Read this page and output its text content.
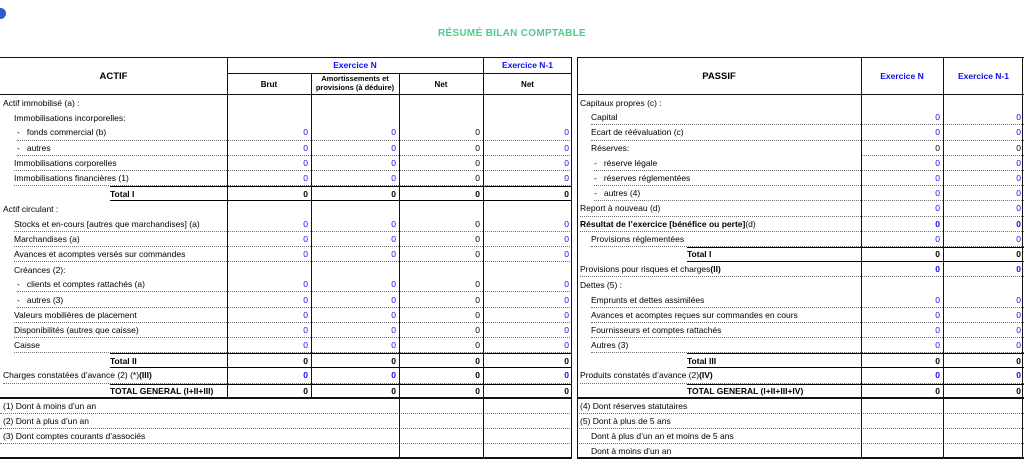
RÉSUMÉ BILAN COMPTABLE
ACTIF
Exercice N	Exercice N-1
Brut
Amortissements et provisions (à déduire)	Net	Net
Actif immobilisé (a) :
Immobilisations incorporelles:
- fonds commercial (b)	0	0	0	0
- autres	0	0	0	0
Immobilisations corporelles	0	0	0	0
Immobilisations financières (1)	0	0	0	0
Total I	0	0	0	0
Actif circulant :
Stocks et en-cours [autres que marchandises] (a)	0	0	0	0
Marchandises (a)	0	0	0	0
Avances et acomptes versés sur commandes	0	0	0	0
Créances (2):
- clients et comptes rattachés (a)	0	0	0	0
- autres (3)	0	0	0	0
Valeurs mobilières de placement	0	0	0	0
Disponibilités (autres que caisse)	0	0	0	0
Caisse	0	0	0	0
Total II	0	0	0	0
Charges constatées d’avance (2) (*) (III)	0	0	0	0
TOTAL GENERAL (I+II+III)	0	0	0	0
(1) Dont à moins d’un an
(2) Dont à plus d’un an
(3) Dont comptes courants d’associés
PASSIF	Exercice N	Exercice N-1
Capitaux propres (c) :
Capital	0	0
Ecart de réévaluation (c)	0	0
Réserves:	0	0
- réserve légale	0	0
- réserves réglementées	0	0
- autres (4)	0	0
Report à nouveau (d)	0	0
Résultat de l’exercice [bénéfice ou perte] (d)	0	0
Provisions réglementées	0	0
Total I	0	0
Provisions pour risques et charges (II)	0	0
Dettes (5) :
Emprunts et dettes assimilées	0	0
Avances et acomptes reçues sur commandes en cours	0	0
Fournisseurs et comptes rattachés	0	0
Autres (3)	0	0
Total III	0	0
Produits constatés d’avance (2) (IV)	0	0
TOTAL GENERAL (I+II+III+IV)	0	0
(4) Dont réserves statutaires
(5) Dont à plus de 5 ans
Dont à plus d’un an et moins de 5 ans
Dont à moins d’un an
